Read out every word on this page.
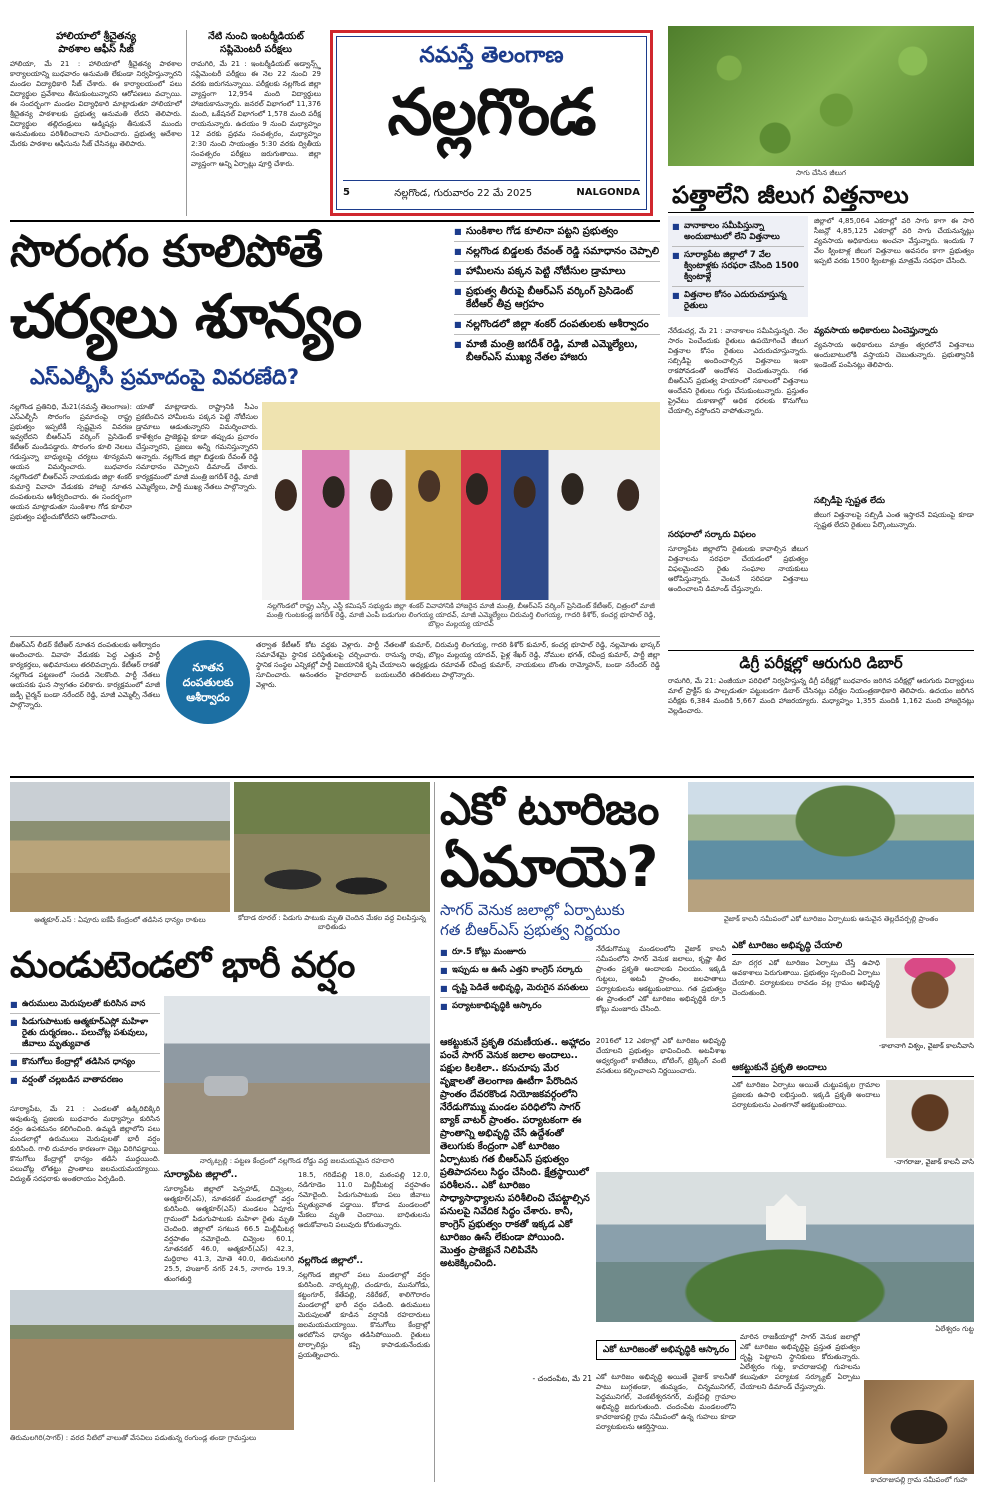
హాలియాలో శ్రీచైతన్య
పాఠశాల ఆఫీస్ సీజ్
హాలియా, మే 21 : హాలియాలో శ్రీచైతన్య పాఠశాల కార్యాలయాన్ని బుధవారం అనుమతి లేకుండా నిర్వహిస్తున్నారని మండల విద్యాధికారి సీజ్ చేశారు. ఈ కార్యాలయంలో పలు విద్యార్థుల ప్రవేశాలు తీసుకుంటున్నారని ఆరోపణలు వచ్చాయి. ఈ సందర్భంగా మండల విద్యాధికారి మాట్లాడుతూ హాలియాలో శ్రీచైతన్య పాఠశాలకు ప్రభుత్వ అనుమతి లేదని తెలిపారు. విద్యార్థుల తల్లిదండ్రులు అడ్మిషన్లు తీసుకునే ముందు అనుమతులు పరిశీలించాలని సూచించారు. ప్రభుత్వ ఆదేశాల మేరకు పాఠశాల ఆఫీసును సీజ్ చేసినట్లు తెలిపారు.
నేటి నుంచి ఇంటర్మీడియట్
సప్లిమెంటరీ పరీక్షలు
రామగిరి, మే 21 : ఇంటర్మీడియట్ అడ్వాన్స్డ్ సప్లిమెంటరీ పరీక్షలు ఈ నెల 22 నుంచి 29 వరకు జరుగనున్నాయి. పరీక్షలకు నల్లగొండ జిల్లా వ్యాప్తంగా 12,954 మంది విద్యార్థులు హాజరుకానున్నారు. జనరల్ విభాగంలో 11,376 మంది, ఒకేషనల్ విభాగంలో 1,578 మంది పరీక్ష రాయనున్నారు. ఉదయం 9 నుంచి మధ్యాహ్నం 12 వరకు ప్రథమ సంవత్సరం, మధ్యాహ్నం 2:30 నుంచి సాయంత్రం 5:30 వరకు ద్వితీయ సంవత్సరం పరీక్షలు జరుగుతాయి. జిల్లా వ్యాప్తంగా అన్ని ఏర్పాట్లు పూర్తి చేశారు.
నమస్తే తెలంగాణ
నల్లగొండ
5	నల్లగొండ, గురువారం 22 మే 2025	NALGONDA
సాగు చేసిన జీలుగ
పత్తాలేని జీలుగ విత్తనాలు
■ వానాకాలం సమీపిస్తున్నా అందుబాటులో లేని విత్తనాలు
■ సూర్యాపేట జిల్లాలో 7 వేల క్వింటాళ్లకు సరఫరా చేసింది 1500 క్వింటాళ్లే
■ విత్తనాల కోసం ఎదురుచూస్తున్న రైతులు
జిల్లాలో 4,85,064 ఎకరాల్లో వరి సాగు కాగా ఈ సారి సీజన్లో 4,85,125 ఎకరాల్లో వరి సాగు చేయనున్నట్లు వ్యవసాయ అధికారులు అంచనా వేస్తున్నారు. ఇందుకు 7 వేల క్వింటాళ్ల జీలుగ విత్తనాలు అవసరం కాగా ప్రభుత్వం ఇప్పటి వరకు 1500 క్వింటాళ్లు మాత్రమే సరఫరా చేసింది.
నేరేడుచర్ల, మే 21 : వానాకాలం సమీపిస్తున్నది. నేల సారం పెంచేందుకు రైతులు ఉపయోగించే జీలుగ విత్తనాల కోసం రైతులు ఎదురుచూస్తున్నారు. సబ్సిడీపై అందించాల్సిన విత్తనాలు ఇంకా రాకపోవడంతో ఆందోళన చెందుతున్నారు. గత బీఆర్ఎస్ ప్రభుత్వ హయాంలో సకాలంలో విత్తనాలు అందేవని రైతులు గుర్తు చేసుకుంటున్నారు. ప్రస్తుతం ప్రైవేటు దుకాణాల్లో అధిక ధరలకు కొనుగోలు చేయాల్సి వస్తోందని వాపోతున్నారు.
వ్యవసాయ అధికారులు ఏంచెప్తున్నారు
వ్యవసాయ అధికారులు మాత్రం త్వరలోనే విత్తనాలు అందుబాటులోకి వస్తాయని చెబుతున్నారు. ప్రభుత్వానికి ఇండెంట్ పంపినట్లు తెలిపారు.
సబ్సిడీపై స్పష్టత లేదు
జీలుగ విత్తనాలపై సబ్సిడీ ఎంత ఇస్తారనే విషయంపై కూడా స్పష్టత లేదని రైతులు పేర్కొంటున్నారు.
సరఫరాలో సర్కారు విఫలం
సూర్యాపేట జిల్లాలోని రైతులకు కావాల్సిన జీలుగ విత్తనాలను సరఫరా చేయడంలో ప్రభుత్వం విఫలమైందని రైతు సంఘాల నాయకులు ఆరోపిస్తున్నారు. వెంటనే సరిపడా విత్తనాలు అందించాలని డిమాండ్ చేస్తున్నారు.
డిగ్రీ పరీక్షల్లో ఆరుగురి డిబార్
రామగిరి, మే 21: ఎంజీయూ పరిధిలో నిర్వహిస్తున్న డిగ్రీ పరీక్షల్లో బుధవారం జరిగిన పరీక్షల్లో ఆరుగురు విద్యార్థులు మాల్ ప్రాక్టీస్ కు పాల్పడుతూ పట్టుబడగా డిబార్ చేసినట్లు పరీక్షల నియంత్రణాధికారి తెలిపారు. ఉదయం జరిగిన పరీక్షకు 6,384 మందికి 5,667 మంది హాజరయ్యారు. మధ్యాహ్నం 1,355 మందికి 1,162 మంది హాజరైనట్లు వెల్లడించారు.
సొరంగం కూలిపోతే
చర్యలు శూన్యం
ఎస్ఎల్బీసీ ప్రమాదంపై వివరణేది?
■ సుంకిశాల గోడ కూలినా పట్టని ప్రభుత్వం
■ నల్లగొండ బిడ్డలకు రేవంత్ రెడ్డి సమాధానం చెప్పాలి
■ హామీలను పక్కన పెట్టి నోటీసుల డ్రామాలు
■ ప్రభుత్వ తీరుపై బీఆర్ఎస్ వర్కింగ్ ప్రెసిడెంట్ కేటీఆర్ తీవ్ర ఆగ్రహం
■ నల్లగొండలో జిల్లా శంకర్ దంపతులకు ఆశీర్వాదం
■ మాజీ మంత్రి జగదీశ్ రెడ్డి, మాజీ ఎమ్మెల్యేలు, బీఆర్ఎస్ ముఖ్య నేతల హాజరు
నల్లగొండ ప్రతినిధి, మే21(నమస్తే తెలంగాణ): ఎస్ఎల్బీసీ సొరంగం ప్రమాదంపై రాష్ట్ర ప్రభుత్వం ఇప్పటికీ స్పష్టమైన వివరణ ఇవ్వలేదని బీఆర్ఎస్ వర్కింగ్ ప్రెసిడెంట్ కేటీఆర్ మండిపడ్డారు. సొరంగం కూలి నెలలు గడుస్తున్నా బాధ్యులపై చర్యలు శూన్యమని ఆయన విమర్శించారు. బుధవారం నల్లగొండలో బీఆర్ఎస్ నాయకుడు జిల్లా శంకర్ కుమార్తె వివాహ వేడుకకు హాజరై నూతన దంపతులను ఆశీర్వదించారు. ఈ సందర్భంగా ఆయన మాట్లాడుతూ సుంకిశాల గోడ కూలినా ప్రభుత్వం పట్టించుకోలేదని ఆరోపించారు.
యాతో మాట్లాడారు. రాష్ట్రానికి సీఎం ప్రకటించిన హామీలను పక్కన పెట్టి నోటీసుల డ్రామాలు ఆడుతున్నారని విమర్శించారు. కాళేశ్వరం ప్రాజెక్టుపై కూడా తప్పుడు ప్రచారం చేస్తున్నారని, ప్రజలు అన్నీ గమనిస్తున్నారని అన్నారు. నల్లగొండ జిల్లా బిడ్డలకు రేవంత్ రెడ్డి సమాధానం చెప్పాలని డిమాండ్ చేశారు. కార్యక్రమంలో మాజీ మంత్రి జగదీశ్ రెడ్డి, మాజీ ఎమ్మెల్యేలు, పార్టీ ముఖ్య నేతలు పాల్గొన్నారు.
నల్లగొండలో రాష్ట్ర ఎస్సీ, ఎస్టీ కమిషన్ సభ్యుడు జిల్లా శంకర్ వివాహానికి హాజరైన మాజీ మంత్రి, బీఆర్ఎస్ వర్కింగ్ ప్రెసిడెంట్ కేటీఆర్, చిత్రంలో మాజీ మంత్రి గుంటకండ్ల జగదీశ్ రెడ్డి, మాజీ ఎంపీ బడుగుల లింగయ్య యాదవ్, మాజీ ఎమ్మెల్యేలు చిరుమర్తి లింగయ్య, గాదరి కిశోర్, కంచర్ల భూపాల్ రెడ్డి, బొల్లం మల్లయ్య యాదవ్
బీఆర్ఎస్ లీడర్ కేటీఆర్ నూతన దంపతులకు ఆశీర్వాదం అందించారు. వివాహ వేడుకకు పెద్ద ఎత్తున పార్టీ కార్యకర్తలు, అభిమానులు తరలివచ్చారు. కేటీఆర్ రాకతో నల్లగొండ పట్టణంలో సందడి నెలకొంది. పార్టీ నేతలు ఆయనకు ఘన స్వాగతం పలికారు. కార్యక్రమంలో మాజీ జడ్పీ చైర్మన్ బండా నరేందర్ రెడ్డి, మాజీ ఎమ్మెల్సీ నేతలు పాల్గొన్నారు.
నూతన దంపతులకు ఆశీర్వాదం
తర్వాత కేటీఆర్ కోట వద్దకు వెళ్లారు. పార్టీ నేతలతో సమావేశమై స్థానిక పరిస్థితులపై చర్చించారు. రానున్న స్థానిక సంస్థల ఎన్నికల్లో పార్టీ విజయానికి కృషి చేయాలని సూచించారు. అనంతరం హైదరాబాద్ బయలుదేరి వెళ్లారు.
కుమార్, చిరుమర్తి లింగయ్య, గాదరి కిశోర్ కుమార్, కంచర్ల భూపాల్ రెడ్డి, నల్లమోతు భాస్కర్ రావు, బొల్లం మల్లయ్య యాదవ్, పైళ్ల శేఖర్ రెడ్డి, నోముల భగత్, రవీంద్ర కుమార్, పార్టీ జిల్లా అధ్యక్షుడు రమావత్ రవీంద్ర కుమార్, నాయకులు బొంతు రామ్మోహన్, బండా నరేందర్ రెడ్డి తదితరులు పాల్గొన్నారు.
ఆత్మకూర్.ఎస్ : ఏపూరు ఐకేపీ కేంద్రంలో తడిసిన ధాన్యం రాశులు	కోదాడ రూరల్ : పిడుగు పాటుకు మృతి చెందిన మేకల వద్ద విలపిస్తున్న బాధితుడు
మండుటెండలో భారీ వర్షం
■ ఉరుములు మెరుపులతో కురిసిన వాన
■ పిడుగుపాటుకు ఆత్మకూర్ఎస్లో మహిళా రైతు దుర్మరణం.. పలుచోట్ల పశువులు, జీవాలు మృత్యువాత
■ కొనుగోలు కేంద్రాల్లో తడిసిన ధాన్యం
■ వర్షంతో చల్లబడిన వాతావరణం
నార్కట్పల్లి : పట్టణ కేంద్రంలో నల్లగొండ రోడ్డు వద్ద జలమయమైన రహదారి
సూర్యాపేట, మే 21 : ఎండలతో ఉక్కిరిబిక్కిరి అవుతున్న ప్రజలకు బుధవారం మధ్యాహ్నం కురిసిన వర్షం ఉపశమనం కలిగించింది. ఉమ్మడి జిల్లాలోని పలు మండలాల్లో ఉరుములు మెరుపులతో భారీ వర్షం కురిసింది. గాలి దుమారం కారణంగా చెట్లు విరిగిపడ్డాయి. కొనుగోలు కేంద్రాల్లో ధాన్యం తడిసి ముద్దయింది. పలుచోట్ల లోతట్టు ప్రాంతాలు జలమయమయ్యాయి. విద్యుత్ సరఫరాకు అంతరాయం ఏర్పడింది.	సూర్యాపేట జిల్లాలో..
సూర్యాపేట జిల్లాలో పెన్పహాడ్, చివ్వెంల, ఆత్మకూర్(ఎస్), నూతనకల్ మండలాల్లో వర్షం కురిసింది. ఆత్మకూర్(ఎస్) మండలం ఏపూరు గ్రామంలో పిడుగుపాటుకు మహిళా రైతు మృతి చెందింది. జిల్లాలో సగటున 66.5 మిల్లీమీటర్ల వర్షపాతం నమోదైంది. చివ్వెంల 60.1, నూతనకల్ 46.0, ఆత్మకూర్(ఎస్) 42.3, మద్దిరాల 41.3, మోతె 40.0, తిరుమలగిరి 25.5, హుజూర్ నగర్ 24.5, నాగారం 19.3, తుంగతుర్తి
18.5, గరిడేపల్లి 18.0, మఠంపల్లి 12.0, నడిగూడెం 11.0 మిల్లీమీటర్ల వర్షపాతం నమోదైంది. పిడుగుపాటుకు పలు జీవాలు మృత్యువాత పడ్డాయి. కోదాడ మండలంలో మేకలు మృతి చెందాయి. బాధితులను ఆదుకోవాలని పలువురు కోరుతున్నారు.
నల్లగొండ జిల్లాలో..
నల్లగొండ జిల్లాలో పలు మండలాల్లో వర్షం కురిసింది. నార్కట్పల్లి, చండూరు, మునుగోడు, కట్టంగూర్, కేతేపల్లి, నకిరేకల్, శాలిగౌరారం మండలాల్లో భారీ వర్షం పడింది. ఉరుములు మెరుపులతో కూడిన వర్షానికి రహదారులు జలమయమయ్యాయి. కొనుగోలు కేంద్రాల్లో ఆరబోసిన ధాన్యం తడిసిపోయింది. రైతులు టార్పాలిన్లు కప్పి కాపాడుకునేందుకు ప్రయత్నించారు.
తిరుమలగిరి(సాగర్) : వరద నీటిలో వాలుతో వేసవిలు పడుతున్న రంగుండ్ల తండా గ్రామస్తులు
ఎకో టూరిజం
ఏమాయె?
సాగర్ వెనుక జలాల్లో ఏర్పాటుకు
గత బీఆర్ఎస్ ప్రభుత్వ నిర్ణయం
వైజాక్ కాలనీ సమీపంలో ఎకో టూరిజం ఏర్పాటుకు అనువైన తెల్లదేవర్పల్లి ప్రాంతం
■ రూ.5 కోట్లు మంజూరు
■ ఇప్పుడు ఆ ఊసే ఎత్తని కాంగ్రెస్ సర్కారు
■ దృష్టి పెడితే అభివృద్ధి, మెరుగైన వసతులు
■ పర్యాటకాభివృద్ధికి ఆస్కారం
నేరేడుగొమ్ము మండలంలోని వైజాక్ కాలనీ సమీపంలోని సాగర్ వెనుక జలాలు, కృష్ణా తీర ప్రాంతం ప్రకృతి అందాలకు నిలయం. ఇక్కడి గుట్టలు, అటవీ ప్రాంతం, జలపాతాలు పర్యాటకులను ఆకట్టుకుంటాయి. గత ప్రభుత్వం ఈ ప్రాంతంలో ఎకో టూరిజం అభివృద్ధికి రూ.5 కోట్లు మంజూరు చేసింది.
ఆకట్టుకునే ప్రకృతి రమణీయత.. అహ్లాదం పంచే సాగర్ వెనుక జలాల అందాలు.. పక్షుల కిలకిలా.. కనుచూపు మేర వృక్షాలతో తెలంగాణ ఊటీగా పేరొందిన ప్రాంతం దేవరకొండ నియోజకవర్గంలోని నేరేడుగొమ్ము మండల పరిధిలోని సాగర్ బ్యాక్ వాటర్ ప్రాంతం. పర్యాటకంగా ఈ ప్రాంతాన్ని అభివృద్ధి చేసే ఉద్దేశంతో తెలుగుకు కేంద్రంగా ఎకో టూరిజం ఏర్పాటుకు గత బీఆర్ఎస్ ప్రభుత్వం ప్రతిపాదనలు సిద్ధం చేసింది. క్షేత్రస్థాయిలో పరిశీలన.. ఎకో టూరిజం సాధ్యాసాధ్యాలను పరిశీలించి చేపట్టాల్సిన పనులపై నివేదిక సిద్ధం చేశారు. కానీ, కాంగ్రెస్ ప్రభుత్వం రాకతో ఇక్కడ ఎకో టూరిజం ఊసే లేకుండా పోయింది. మొత్తం ప్రాజెక్టునే నిలిపివేసి అటకెక్కించింది.
- చందంపేట, మే 21
2016లో 12 ఎకరాల్లో ఎకో టూరిజం అభివృద్ధి చేయాలని ప్రభుత్వం భావించింది. అటవీశాఖ ఆధ్వర్యంలో కాటేజీలు, బోటింగ్, ట్రెక్కింగ్ వంటి వసతులు కల్పించాలని నిర్ణయించారు.
ఎకో టూరిజం అభివృద్ధి చేయాలి
మా దగ్గర ఎకో టూరిజం ఏర్పాటు చేస్తే ఉపాధి అవకాశాలు పెరుగుతాయి. ప్రభుత్వం స్పందించి ఏర్పాటు చేయాలి. పర్యాటకులు రావడం వల్ల గ్రామం అభివృద్ధి చెందుతుంది.
-కాలానాగి విశ్వం, వైజాక్ కాలనీవాసి
ఆకట్టుకునే ప్రకృతి అందాలు
ఎకో టూరిజం ఏర్పాటు అయితే చుట్టుపక్కల గ్రామాల ప్రజలకు ఉపాధి లభిస్తుంది. ఇక్కడి ప్రకృతి అందాలు పర్యాటకులను ఎంతగానో ఆకట్టుకుంటాయి.
-నాగరాజు, వైజాక్ కాలనీ వాసి
ఏలేశ్వరం గుట్ట
ఎకో టూరిజంతో అభివృద్ధికి ఆస్కారం
ఎకో టూరిజం అభివృద్ధి అయితే వైజాక్ కాలనీతో పాటు బుగ్గతండా, తుమ్మడం, చిన్నమునిగల్, పెద్దమునిగల్, వెంకటేశ్వరనగర్, మల్లేపల్లి గ్రామాల అభివృద్ధి జరుగుతుంది. చందంపేట మండలంలోని కాచరాజుపల్లి గ్రామ సమీపంలో ఉన్న గుహలు కూడా పర్యాటకులను ఆకర్షిస్తాయి.
మారిన రాజకీయాల్లో సాగర్ వెనుక జలాల్లో ఎకో టూరిజం అభివృద్ధిపై ప్రస్తుత ప్రభుత్వం దృష్టి పెట్టాలని స్థానికులు కోరుతున్నారు. ఏలేశ్వరం గుట్ట, కాచరాజుపల్లి గుహలను కలుపుతూ పర్యాటక సర్క్యూట్ ఏర్పాటు చేయాలని డిమాండ్ చేస్తున్నారు.
కాచరాజుపల్లి గ్రామ సమీపంలో గుహ
